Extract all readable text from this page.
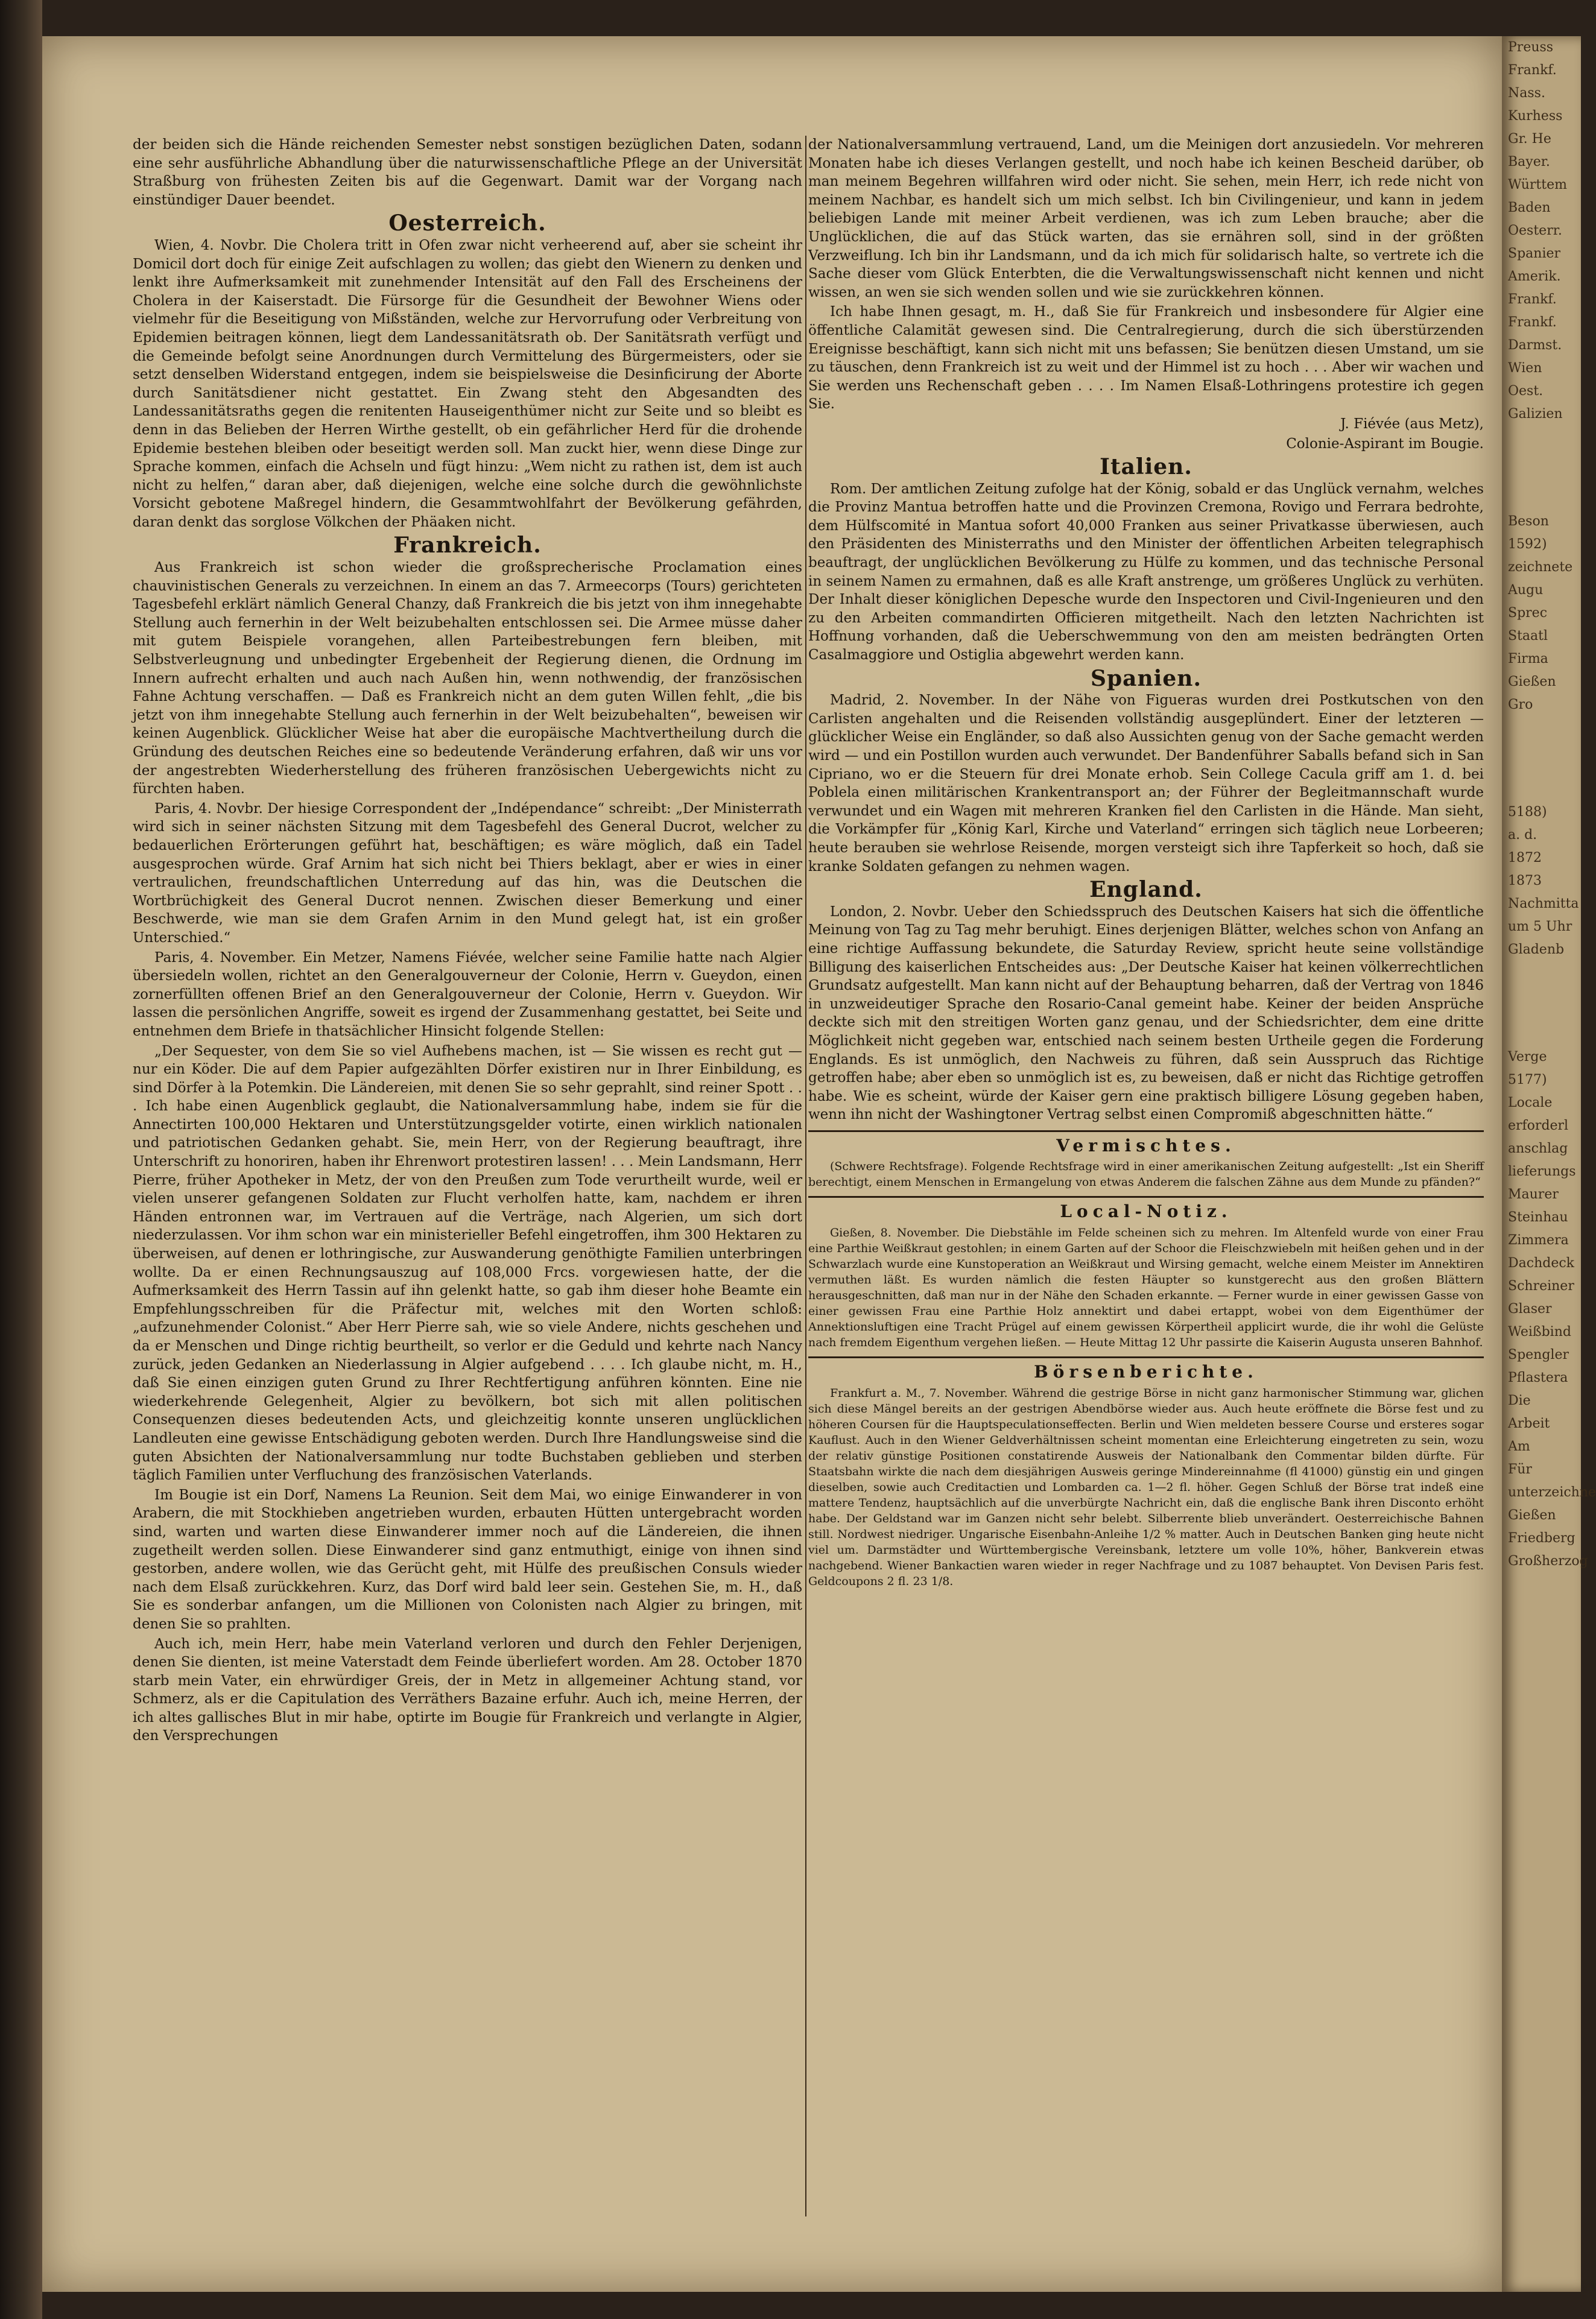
der beiden sich die Hände reichenden Semester nebst sonstigen bezüglichen Daten, sodann eine sehr ausführliche Abhandlung über die naturwissenschaftliche Pflege an der Universität Straßburg von frühesten Zeiten bis auf die Gegenwart. Damit war der Vorgang nach einstündiger Dauer beendet.

Oesterreich.

Wien, 4. Novbr. Die Cholera tritt in Ofen zwar nicht verheerend auf, aber sie scheint ihr Domicil dort doch für einige Zeit aufschlagen zu wollen; das giebt den Wienern zu denken und lenkt ihre Aufmerksamkeit mit zunehmender Intensität auf den Fall des Erscheinens der Cholera in der Kaiserstadt. Die Fürsorge für die Gesundheit der Bewohner Wiens oder vielmehr für die Beseitigung von Mißständen, welche zur Hervorrufung oder Verbreitung von Epidemien beitragen können, liegt dem Landessanitätsrath ob. Der Sanitätsrath verfügt und die Gemeinde befolgt seine Anordnungen durch Vermittelung des Bürgermeisters, oder sie setzt denselben Widerstand entgegen, indem sie beispielsweise die Desinficirung der Aborte durch Sanitätsdiener nicht gestattet. Ein Zwang steht den Abgesandten des Landessanitätsraths gegen die renitenten Hauseigenthümer nicht zur Seite und so bleibt es denn in das Belieben der Herren Wirthe gestellt, ob ein gefährlicher Herd für die drohende Epidemie bestehen bleiben oder beseitigt werden soll. Man zuckt hier, wenn diese Dinge zur Sprache kommen, einfach die Achseln und fügt hinzu: „Wem nicht zu rathen ist, dem ist auch nicht zu helfen,“ daran aber, daß diejenigen, welche eine solche durch die gewöhnlichste Vorsicht gebotene Maßregel hindern, die Gesammtwohlfahrt der Bevölkerung gefährden, daran denkt das sorglose Völkchen der Phäaken nicht.

Frankreich.

Aus Frankreich ist schon wieder die großsprecherische Proclamation eines chauvinistischen Generals zu verzeichnen. In einem an das 7. Armeecorps (Tours) gerichteten Tagesbefehl erklärt nämlich General Chanzy, daß Frankreich die bis jetzt von ihm innegehabte Stellung auch fernerhin in der Welt beizubehalten entschlossen sei. Die Armee müsse daher mit gutem Beispiele vorangehen, allen Parteibestrebungen fern bleiben, mit Selbstverleugnung und unbedingter Ergebenheit der Regierung dienen, die Ordnung im Innern aufrecht erhalten und auch nach Außen hin, wenn nothwendig, der französischen Fahne Achtung verschaffen. — Daß es Frankreich nicht an dem guten Willen fehlt, „die bis jetzt von ihm innegehabte Stellung auch fernerhin in der Welt beizubehalten“, beweisen wir keinen Augenblick. Glücklicher Weise hat aber die europäische Machtvertheilung durch die Gründung des deutschen Reiches eine so bedeutende Veränderung erfahren, daß wir uns vor der angestrebten Wiederherstellung des früheren französischen Uebergewichts nicht zu fürchten haben.

Paris, 4. Novbr. Der hiesige Correspondent der „Indépendance“ schreibt: „Der Ministerrath wird sich in seiner nächsten Sitzung mit dem Tagesbefehl des General Ducrot, welcher zu bedauerlichen Erörterungen geführt hat, beschäftigen; es wäre möglich, daß ein Tadel ausgesprochen würde. Graf Arnim hat sich nicht bei Thiers beklagt, aber er wies in einer vertraulichen, freundschaftlichen Unterredung auf das hin, was die Deutschen die Wortbrüchigkeit des General Ducrot nennen. Zwischen dieser Bemerkung und einer Beschwerde, wie man sie dem Grafen Arnim in den Mund gelegt hat, ist ein großer Unterschied.“

Paris, 4. November. Ein Metzer, Namens Fiévée, welcher seine Familie hatte nach Algier übersiedeln wollen, richtet an den Generalgouverneur der Colonie, Herrn v. Gueydon, einen zornerfüllten offenen Brief an den Generalgouverneur der Colonie, Herrn v. Gueydon. Wir lassen die persönlichen Angriffe, soweit es irgend der Zusammenhang gestattet, bei Seite und entnehmen dem Briefe in thatsächlicher Hinsicht folgende Stellen:

„Der Sequester, von dem Sie so viel Aufhebens machen, ist — Sie wissen es recht gut — nur ein Köder. Die auf dem Papier aufgezählten Dörfer existiren nur in Ihrer Einbildung, es sind Dörfer à la Potemkin. Die Ländereien, mit denen Sie so sehr geprahlt, sind reiner Spott . . . Ich habe einen Augenblick geglaubt, die Nationalversammlung habe, indem sie für die Annectirten 100,000 Hektaren und Unterstützungsgelder votirte, einen wirklich nationalen und patriotischen Gedanken gehabt. Sie, mein Herr, von der Regierung beauftragt, ihre Unterschrift zu honoriren, haben ihr Ehrenwort protestiren lassen! . . . Mein Landsmann, Herr Pierre, früher Apotheker in Metz, der von den Preußen zum Tode verurtheilt wurde, weil er vielen unserer gefangenen Soldaten zur Flucht verholfen hatte, kam, nachdem er ihren Händen entronnen war, im Vertrauen auf die Verträge, nach Algerien, um sich dort niederzulassen. Vor ihm schon war ein ministerieller Befehl eingetroffen, ihm 300 Hektaren zu überweisen, auf denen er lothringische, zur Auswanderung genöthigte Familien unterbringen wollte. Da er einen Rechnungsauszug auf 108,000 Frcs. vorgewiesen hatte, der die Aufmerksamkeit des Herrn Tassin auf ihn gelenkt hatte, so gab ihm dieser hohe Beamte ein Empfehlungsschreiben für die Präfectur mit, welches mit den Worten schloß: „aufzunehmender Colonist.“ Aber Herr Pierre sah, wie so viele Andere, nichts geschehen und da er Menschen und Dinge richtig beurtheilt, so verlor er die Geduld und kehrte nach Nancy zurück, jeden Gedanken an Niederlassung in Algier aufgebend . . . . Ich glaube nicht, m. H., daß Sie einen einzigen guten Grund zu Ihrer Rechtfertigung anführen könnten. Eine nie wiederkehrende Gelegenheit, Algier zu bevölkern, bot sich mit allen politischen Consequenzen dieses bedeutenden Acts, und gleichzeitig konnte unseren unglücklichen Landleuten eine gewisse Entschädigung geboten werden. Durch Ihre Handlungsweise sind die guten Absichten der Nationalversammlung nur todte Buchstaben geblieben und sterben täglich Familien unter Verfluchung des französischen Vaterlands.

Im Bougie ist ein Dorf, Namens La Reunion. Seit dem Mai, wo einige Einwanderer in von Arabern, die mit Stockhieben angetrieben wurden, erbauten Hütten untergebracht worden sind, warten und warten diese Einwanderer immer noch auf die Ländereien, die ihnen zugetheilt werden sollen. Diese Einwanderer sind ganz entmuthigt, einige von ihnen sind gestorben, andere wollen, wie das Gerücht geht, mit Hülfe des preußischen Consuls wieder nach dem Elsaß zurückkehren. Kurz, das Dorf wird bald leer sein. Gestehen Sie, m. H., daß Sie es sonderbar anfangen, um die Millionen von Colonisten nach Algier zu bringen, mit denen Sie so prahlten.

Auch ich, mein Herr, habe mein Vaterland verloren und durch den Fehler Derjenigen, denen Sie dienten, ist meine Vaterstadt dem Feinde überliefert worden. Am 28. October 1870 starb mein Vater, ein ehrwürdiger Greis, der in Metz in allgemeiner Achtung stand, vor Schmerz, als er die Capitulation des Verräthers Bazaine erfuhr. Auch ich, meine Herren, der ich altes gallisches Blut in mir habe, optirte im Bougie für Frankreich und verlangte in Algier, den Versprechungen

der Nationalversammlung vertrauend, Land, um die Meinigen dort anzusiedeln. Vor mehreren Monaten habe ich dieses Verlangen gestellt, und noch habe ich keinen Bescheid darüber, ob man meinem Begehren willfahren wird oder nicht. Sie sehen, mein Herr, ich rede nicht von meinem Nachbar, es handelt sich um mich selbst. Ich bin Civilingenieur, und kann in jedem beliebigen Lande mit meiner Arbeit verdienen, was ich zum Leben brauche; aber die Unglücklichen, die auf das Stück warten, das sie ernähren soll, sind in der größten Verzweiflung. Ich bin ihr Landsmann, und da ich mich für solidarisch halte, so vertrete ich die Sache dieser vom Glück Enterbten, die die Verwaltungswissenschaft nicht kennen und nicht wissen, an wen sie sich wenden sollen und wie sie zurückkehren können.

Ich habe Ihnen gesagt, m. H., daß Sie für Frankreich und insbesondere für Algier eine öffentliche Calamität gewesen sind. Die Centralregierung, durch die sich überstürzenden Ereignisse beschäftigt, kann sich nicht mit uns befassen; Sie benützen diesen Umstand, um sie zu täuschen, denn Frankreich ist zu weit und der Himmel ist zu hoch . . . Aber wir wachen und Sie werden uns Rechenschaft geben . . . . Im Namen Elsaß-Lothringens protestire ich gegen Sie.

J. Fiévée (aus Metz),

Colonie-Aspirant im Bougie.

Italien.

Rom. Der amtlichen Zeitung zufolge hat der König, sobald er das Unglück vernahm, welches die Provinz Mantua betroffen hatte und die Provinzen Cremona, Rovigo und Ferrara bedrohte, dem Hülfscomité in Mantua sofort 40,000 Franken aus seiner Privatkasse überwiesen, auch den Präsidenten des Ministerraths und den Minister der öffentlichen Arbeiten telegraphisch beauftragt, der unglücklichen Bevölkerung zu Hülfe zu kommen, und das technische Personal in seinem Namen zu ermahnen, daß es alle Kraft anstrenge, um größeres Unglück zu verhüten. Der Inhalt dieser königlichen Depesche wurde den Inspectoren und Civil-Ingenieuren und den zu den Arbeiten commandirten Officieren mitgetheilt. Nach den letzten Nachrichten ist Hoffnung vorhanden, daß die Ueberschwemmung von den am meisten bedrängten Orten Casalmaggiore und Ostiglia abgewehrt werden kann.

Spanien.

Madrid, 2. November. In der Nähe von Figueras wurden drei Postkutschen von den Carlisten angehalten und die Reisenden vollständig ausgeplündert. Einer der letzteren — glücklicher Weise ein Engländer, so daß also Aussichten genug von der Sache gemacht werden wird — und ein Postillon wurden auch verwundet. Der Bandenführer Saballs befand sich in San Cipriano, wo er die Steuern für drei Monate erhob. Sein College Cacula griff am 1. d. bei Poblela einen militärischen Krankentransport an; der Führer der Begleitmannschaft wurde verwundet und ein Wagen mit mehreren Kranken fiel den Carlisten in die Hände. Man sieht, die Vorkämpfer für „König Karl, Kirche und Vaterland“ erringen sich täglich neue Lorbeeren; heute berauben sie wehrlose Reisende, morgen versteigt sich ihre Tapferkeit so hoch, daß sie kranke Soldaten gefangen zu nehmen wagen.

England.

London, 2. Novbr. Ueber den Schiedsspruch des Deutschen Kaisers hat sich die öffentliche Meinung von Tag zu Tag mehr beruhigt. Eines derjenigen Blätter, welches schon von Anfang an eine richtige Auffassung bekundete, die Saturday Review, spricht heute seine vollständige Billigung des kaiserlichen Entscheides aus: „Der Deutsche Kaiser hat keinen völkerrechtlichen Grundsatz aufgestellt. Man kann nicht auf der Behauptung beharren, daß der Vertrag von 1846 in unzweideutiger Sprache den Rosario-Canal gemeint habe. Keiner der beiden Ansprüche deckte sich mit den streitigen Worten ganz genau, und der Schiedsrichter, dem eine dritte Möglichkeit nicht gegeben war, entschied nach seinem besten Urtheile gegen die Forderung Englands. Es ist unmöglich, den Nachweis zu führen, daß sein Ausspruch das Richtige getroffen habe; aber eben so unmöglich ist es, zu beweisen, daß er nicht das Richtige getroffen habe. Wie es scheint, würde der Kaiser gern eine praktisch billigere Lösung gegeben haben, wenn ihn nicht der Washingtoner Vertrag selbst einen Compromiß abgeschnitten hätte.“

Vermischtes.

(Schwere Rechtsfrage). Folgende Rechtsfrage wird in einer amerikanischen Zeitung aufgestellt: „Ist ein Sheriff berechtigt, einem Menschen in Ermangelung von etwas Anderem die falschen Zähne aus dem Munde zu pfänden?“

Local-Notiz.

Gießen, 8. November. Die Diebstähle im Felde scheinen sich zu mehren. Im Altenfeld wurde von einer Frau eine Parthie Weißkraut gestohlen; in einem Garten auf der Schoor die Fleischzwiebeln mit heißen gehen und in der Schwarzlach wurde eine Kunstoperation an Weißkraut und Wirsing gemacht, welche einem Meister im Annektiren vermuthen läßt. Es wurden nämlich die festen Häupter so kunstgerecht aus den großen Blättern herausgeschnitten, daß man nur in der Nähe den Schaden erkannte. — Ferner wurde in einer gewissen Gasse von einer gewissen Frau eine Parthie Holz annektirt und dabei ertappt, wobei von dem Eigenthümer der Annektionsluftigen eine Tracht Prügel auf einem gewissen Körpertheil applicirt wurde, die ihr wohl die Gelüste nach fremdem Eigenthum vergehen ließen. — Heute Mittag 12 Uhr passirte die Kaiserin Augusta unseren Bahnhof.

Börsenberichte.

Frankfurt a. M., 7. November. Während die gestrige Börse in nicht ganz harmonischer Stimmung war, glichen sich diese Mängel bereits an der gestrigen Abendbörse wieder aus. Auch heute eröffnete die Börse fest und zu höheren Coursen für die Hauptspeculationseffecten. Berlin und Wien meldeten bessere Course und ersteres sogar Kauflust. Auch in den Wiener Geldverhältnissen scheint momentan eine Erleichterung eingetreten zu sein, wozu der relativ günstige Positionen constatirende Ausweis der Nationalbank den Commentar bilden dürfte. Für Staatsbahn wirkte die nach dem diesjährigen Ausweis geringe Mindereinnahme (fl 41000) günstig ein und gingen dieselben, sowie auch Creditactien und Lombarden ca. 1—2 fl. höher. Gegen Schluß der Börse trat indeß eine mattere Tendenz, hauptsächlich auf die unverbürgte Nachricht ein, daß die englische Bank ihren Disconto erhöht habe. Der Geldstand war im Ganzen nicht sehr belebt. Silberrente blieb unverändert. Oesterreichische Bahnen still. Nordwest niedriger. Ungarische Eisenbahn-Anleihe 1/2 % matter. Auch in Deutschen Banken ging heute nicht viel um. Darmstädter und Württembergische Vereinsbank, letztere um volle 10%, höher, Bankverein etwas nachgebend. Wiener Bankactien waren wieder in reger Nachfrage und zu 1087 behauptet. Von Devisen Paris fest. Geldcoupons 2 fl. 23 1/8.

Preuss
Frankf.
Nass.
Kurhess
Gr. He
Bayer.
Württem
Baden
Oesterr.
Spanier
Amerik.
Frankf.
Frankf.
Darmst.
Wien
Oest.
Galizien
Beson
1592)
zeichnete
Augu
Sprec
Staatl
Firma
Gießen
Gro
5188)
a. d.
1872
1873
Nachmitta
um 5 Uhr
Gladenb
Verge
5177)
Locale
erforderl
anschlag
lieferungs
Maurer
Steinhau
Zimmera
Dachdeck
Schreiner
Glaser
Weißbind
Spengler
Pflastera
Die
Arbeit
Am
Für
unterzeichne
Gießen
Friedberg
Großherzog
